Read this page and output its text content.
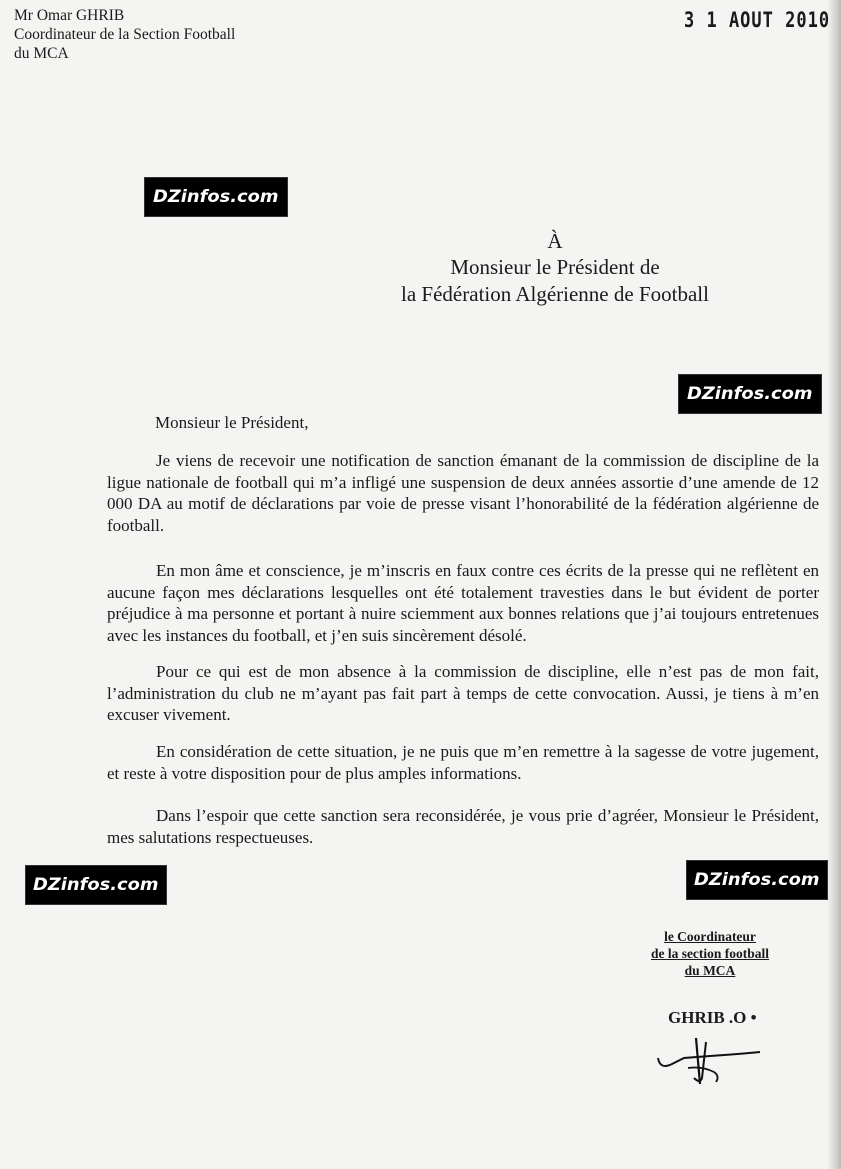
Mr Omar GHRIB
Coordinateur de la Section Football
du MCA
3 1 AOUT 2010
DZinfos.com
DZinfos.com
DZinfos.com	DZinfos.com
À
Monsieur le Président de
la Fédération Algérienne de Football
Monsieur le Président,
Je viens de recevoir une notification de sanction émanant de la commission de discipline de la ligue nationale de football qui m’a infligé une suspension de deux années assortie d’une amende de 12 000 DA au motif de déclarations par voie de presse visant l’honorabilité de la fédération algérienne de football.
En mon âme et conscience, je m’inscris en faux contre ces écrits de la presse qui ne reflètent en aucune façon mes déclarations lesquelles ont été totalement travesties dans le but évident de porter préjudice à ma personne et portant à nuire sciemment aux bonnes relations que j’ai toujours entretenues avec les instances du football, et j’en suis sincèrement désolé.
Pour ce qui est de mon absence à la commission de discipline, elle n’est pas de mon fait, l’administration du club ne m’ayant pas fait part à temps de cette convocation. Aussi, je tiens à m’en excuser vivement.
En considération de cette situation, je ne puis que m’en remettre à la sagesse de votre jugement, et reste à votre disposition pour de plus amples informations.
Dans l’espoir que cette sanction sera reconsidérée, je vous prie d’agréer, Monsieur le Président, mes salutations respectueuses.
le Coordinateur
de la section football
du MCA
GHRIB .O •
